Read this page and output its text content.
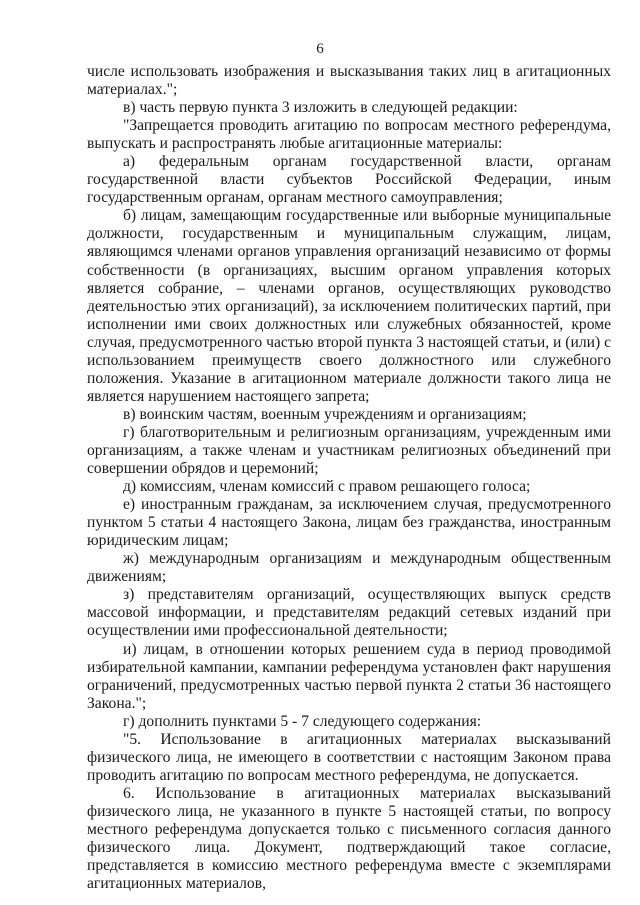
6

числе использовать изображения и высказывания таких лиц в агитационных материалах.";

в) часть первую пункта 3 изложить в следующей редакции:

"Запрещается проводить агитацию по вопросам местного референдума, выпускать и распространять любые агитационные материалы:

а) федеральным органам государственной власти, органам государственной власти субъектов Российской Федерации, иным государственным органам, органам местного самоуправления;

б) лицам, замещающим государственные или выборные муниципальные должности, государственным и муниципальным служащим, лицам, являющимся членами органов управления организаций независимо от формы собственности (в организациях, высшим органом управления которых является собрание, – членами органов, осуществляющих руководство деятельностью этих организаций), за исключением политических партий, при исполнении ими своих должностных или служебных обязанностей, кроме случая, предусмотренного частью второй пункта 3 настоящей статьи, и (или) с использованием преимуществ своего должностного или служебного положения. Указание в агитационном материале должности такого лица не является нарушением настоящего запрета;

в) воинским частям, военным учреждениям и организациям;

г) благотворительным и религиозным организациям, учрежденным ими организациям, а также членам и участникам религиозных объединений при совершении обрядов и церемоний;

д) комиссиям, членам комиссий с правом решающего голоса;

е) иностранным гражданам, за исключением случая, предусмотренного пунктом 5 статьи 4 настоящего Закона, лицам без гражданства, иностранным юридическим лицам;

ж) международным организациям и международным общественным движениям;

з) представителям организаций, осуществляющих выпуск средств массовой информации, и представителям редакций сетевых изданий при осуществлении ими профессиональной деятельности;

и) лицам, в отношении которых решением суда в период проводимой избирательной кампании, кампании референдума установлен факт нарушения ограничений, предусмотренных частью первой пункта 2 статьи 36 настоящего Закона.";

г) дополнить пунктами 5 - 7 следующего содержания:

"5. Использование в агитационных материалах высказываний физического лица, не имеющего в соответствии с настоящим Законом права проводить агитацию по вопросам местного референдума, не допускается.

6. Использование в агитационных материалах высказываний физического лица, не указанного в пункте 5 настоящей статьи, по вопросу местного референдума допускается только с письменного согласия данного физического лица. Документ, подтверждающий такое согласие, представляется в комиссию местного референдума вместе с экземплярами агитационных материалов,
